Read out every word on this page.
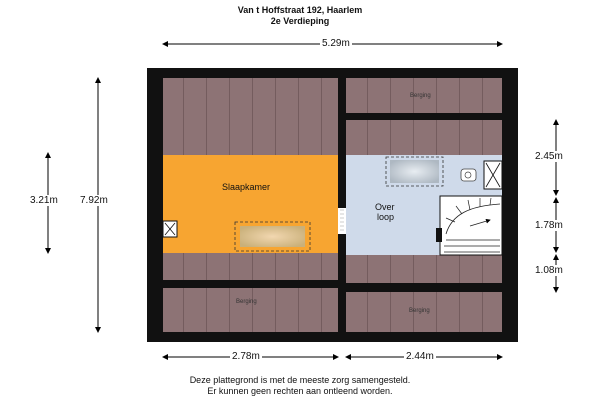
Van t Hoffstraat 192, Haarlem
2e Verdieping
5.29m
7.92m
3.21m
2.45m
1.78m
1.08m
2.78m	2.44m
Slaapkamer
Over
loop
Berging
Berging
Berging
Deze plattegrond is met de meeste zorg samengesteld.
Er kunnen geen rechten aan ontleend worden.
